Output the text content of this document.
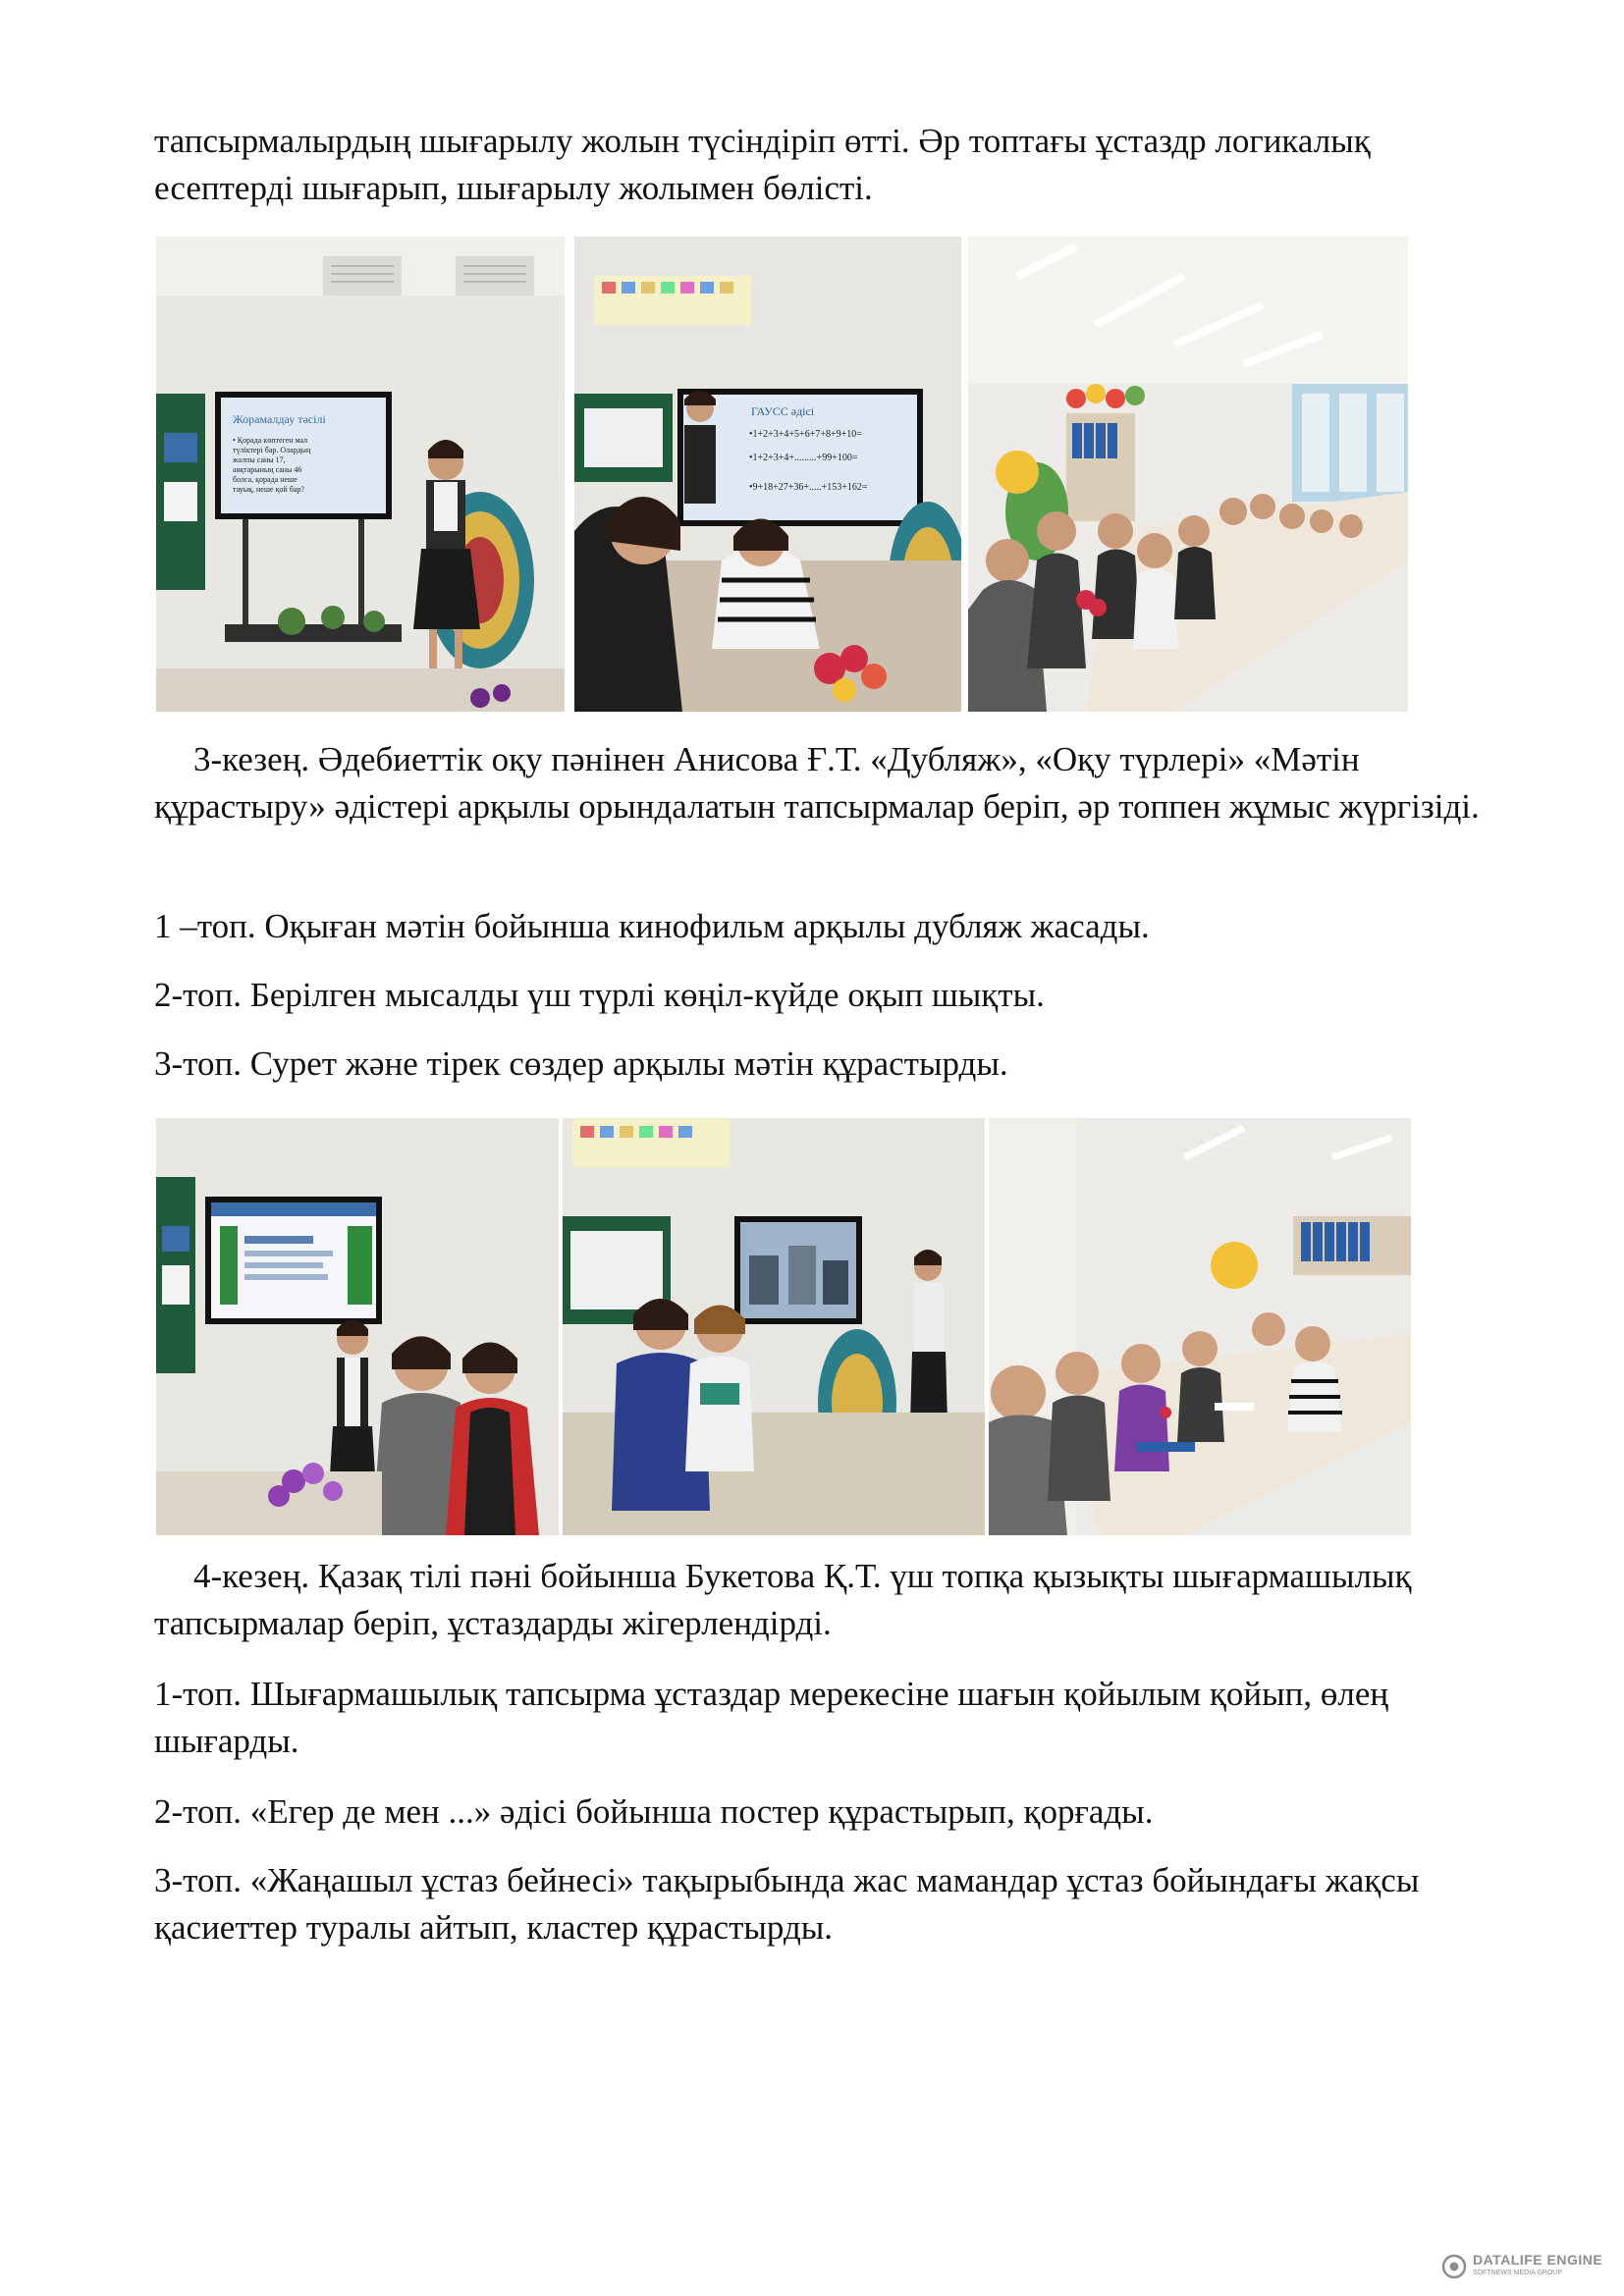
тапсырмалырдың шығарылу жолын түсіндіріп өтті. Әр топтағы ұстаздр логикалық есептерді шығарып, шығарылу жолымен бөлісті.

Жорамалдау тәсілі
• Қорада көптеген мал
түліктері бар. Олардың
жалпы саны 17,
аяқтарының саны 46
болса, қорада неше
тауық, неше қой бар?
ГАУСС әдісі
•1+2+3+4+5+6+7+8+9+10=
•1+2+3+4+.........+99+100=
•9+18+27+36+.....+153+162=

3-кезең. Әдебиеттік оқу пәнінен Анисова Ғ.Т. «Дубляж», «Оқу түрлері» «Мәтін құрастыру» әдістері арқылы орындалатын тапсырмалар беріп, әр топпен жұмыс жүргізіді.

1 –топ. Оқыған мәтін бойынша кинофильм арқылы дубляж жасады.

2-топ. Берілген мысалды үш түрлі көңіл-күйде оқып шықты.

3-топ. Сурет және тірек сөздер арқылы мәтін құрастырды.

4-кезең. Қазақ тілі пәні бойынша Букетова Қ.Т. үш топқа қызықты шығармашылық тапсырмалар беріп, ұстаздарды жігерлендірді.

1-топ. Шығармашылық тапсырма ұстаздар мерекесіне шағын қойылым қойып, өлең шығарды.

2-топ. «Егер де мен ...» әдісі бойынша постер құрастырып, қорғады.

3-топ. «Жаңашыл ұстаз бейнесі» тақырыбында жас мамандар ұстаз бойындағы жақсы қасиеттер туралы айтып, кластер құрастырды.

DATALIFE ENGINE
SOFTNEWS MEDIA GROUP
